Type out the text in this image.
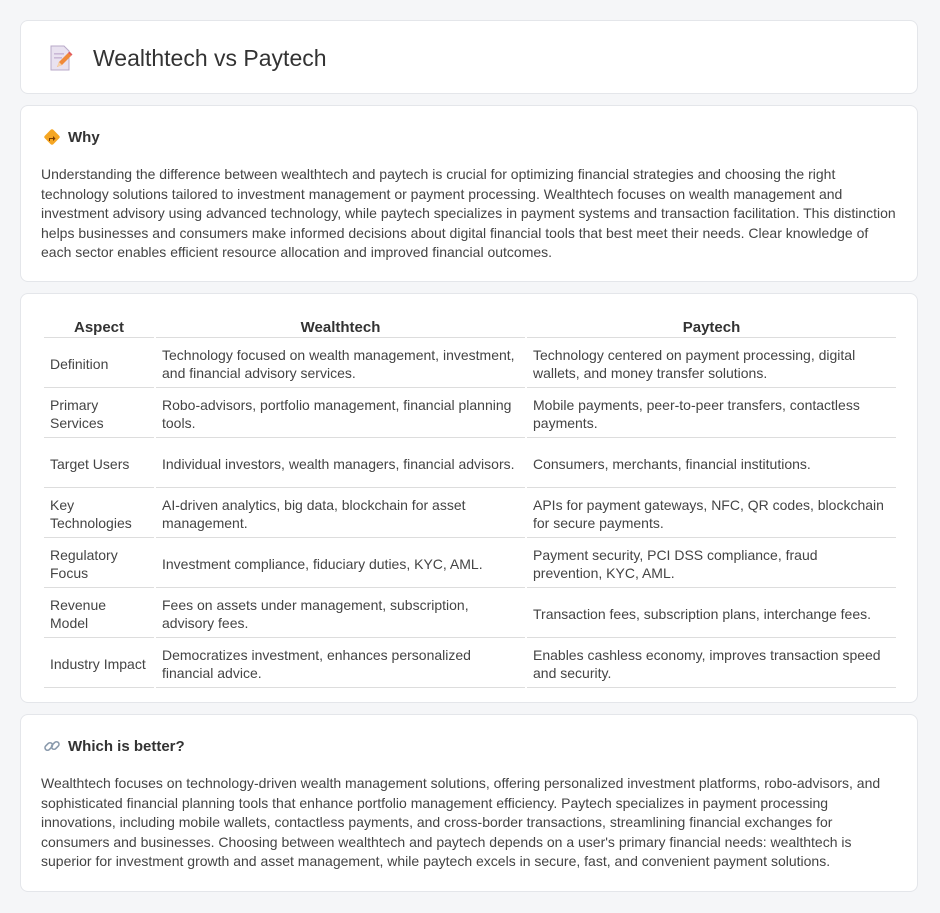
Wealthtech vs Paytech
Why

Understanding the difference between wealthtech and paytech is crucial for optimizing financial strategies and choosing the right technology solutions tailored to investment management or payment processing. Wealthtech focuses on wealth management and investment advisory using advanced technology, while paytech specializes in payment systems and transaction facilitation. This distinction helps businesses and consumers make informed decisions about digital financial tools that best meet their needs. Clear knowledge of each sector enables efficient resource allocation and improved financial outcomes.

Aspect	Wealthtech	Paytech
Definition	Technology focused on wealth management, investment, and financial advisory services.	Technology centered on payment processing, digital wallets, and money transfer solutions.
Primary Services	Robo-advisors, portfolio management, financial planning tools.	Mobile payments, peer-to-peer transfers, contactless payments.
Target Users	Individual investors, wealth managers, financial advisors.	Consumers, merchants, financial institutions.
Key Technologies	AI-driven analytics, big data, blockchain for asset management.	APIs for payment gateways, NFC, QR codes, blockchain for secure payments.
Regulatory Focus	Investment compliance, fiduciary duties, KYC, AML.	Payment security, PCI DSS compliance, fraud prevention, KYC, AML.
Revenue Model	Fees on assets under management, subscription, advisory fees.	Transaction fees, subscription plans, interchange fees.
Industry Impact	Democratizes investment, enhances personalized financial advice.	Enables cashless economy, improves transaction speed and security.
Which is better?

Wealthtech focuses on technology-driven wealth management solutions, offering personalized investment platforms, robo-advisors, and sophisticated financial planning tools that enhance portfolio management efficiency. Paytech specializes in payment processing innovations, including mobile wallets, contactless payments, and cross-border transactions, streamlining financial exchanges for consumers and businesses. Choosing between wealthtech and paytech depends on a user's primary financial needs: wealthtech is superior for investment growth and asset management, while paytech excels in secure, fast, and convenient payment solutions.
